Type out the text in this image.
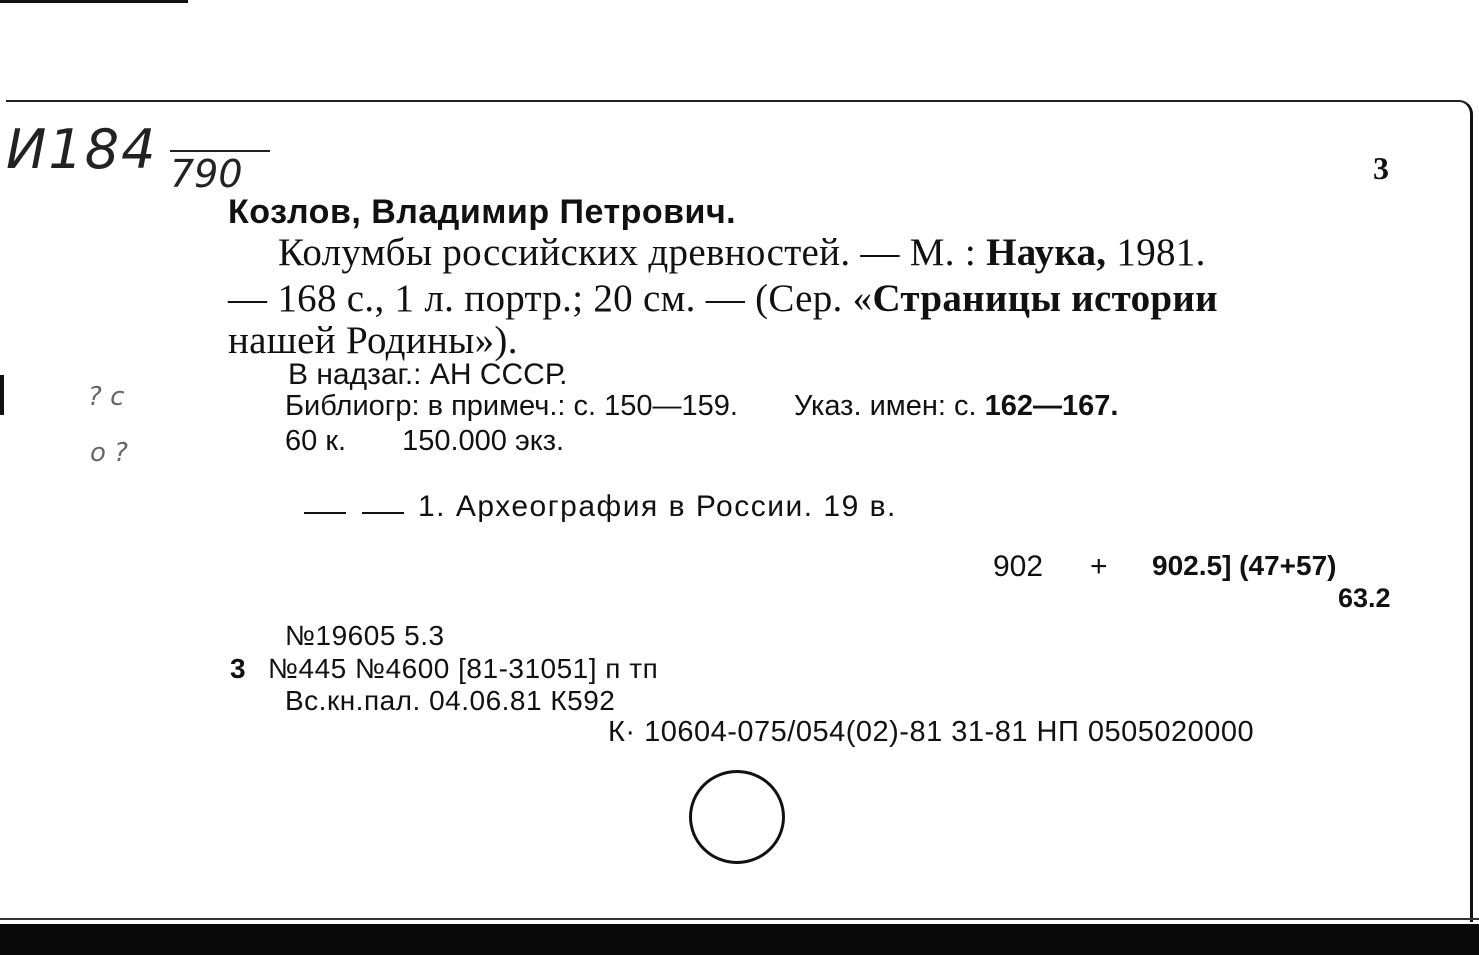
И184 790
? с
о ?
3
Козлов, Владимир Петрович.
Колумбы российских древностей. — М. : Наука, 1981.
— 168 с., 1 л. портр.; 20 см. — (Сер. «Страницы истории
нашей Родины»).
В надзаг.: АН СССР.
Библиогр: в примеч.: с. 150—159. Указ. имен: с. 162—167.
60 к. 150.000 экз.
1. Археография в России. 19 в.
902 + 902.5] (47+57)
63.2
№19605 5.3
3 №445 №4600 [81-31051] п тп
Вс.кн.пал. 04.06.81 К592
К· 10604-075/054(02)-81 31-81 НП 0505020000
